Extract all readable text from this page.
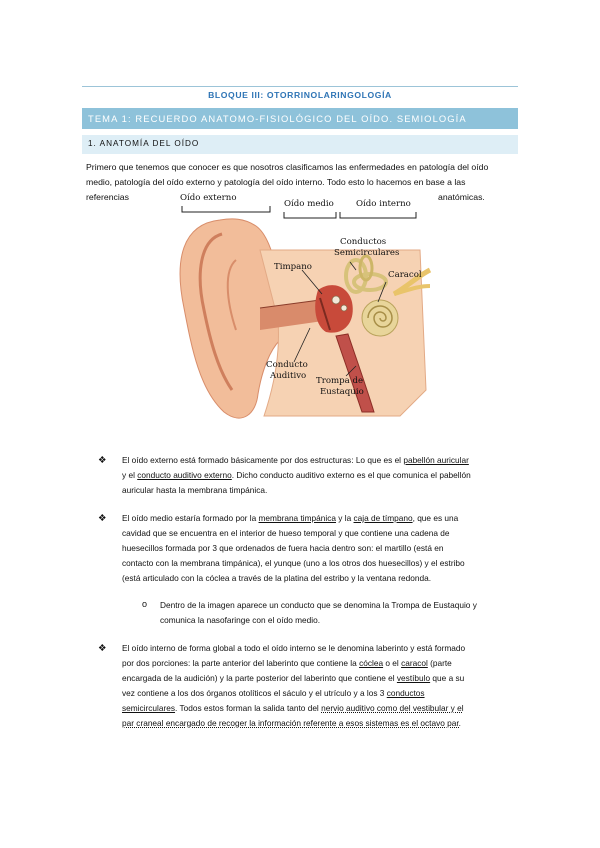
BLOQUE III: OTORRINOLARINGOLOGÍA
TEMA 1: RECUERDO ANATOMO-FISIOLÓGICO DEL OÍDO. SEMIOLOGÍA
1. ANATOMÍA DEL OÍDO
Primero que tenemos que conocer es que nosotros clasificamos las enfermedades en patología del oído
medio, patología del oído externo y patología del oído interno. Todo esto lo hacemos en base a las
referencias	anatómicas.
Oído externo
Oído medio	Oído interno
Conductos
Semicirculares
Timpano
Caracol
Conducto
Auditivo Trompa de
Eustaquio
❖ El oído externo está formado básicamente por dos estructuras: Lo que es el pabellón auricular
y el conducto auditivo externo. Dicho conducto auditivo externo es el que comunica el pabellón
auricular hasta la membrana timpánica.
❖ El oído medio estaría formado por la membrana timpánica y la caja de tímpano, que es una
cavidad que se encuentra en el interior de hueso temporal y que contiene una cadena de
huesecillos formada por 3 que ordenados de fuera hacia dentro son: el martillo (está en
contacto con la membrana timpánica), el yunque (uno a los otros dos huesecillos) y el estribo
(está articulado con la cóclea a través de la platina del estribo y la ventana redonda.
o Dentro de la imagen aparece un conducto que se denomina la Trompa de Eustaquio y
comunica la nasofaringe con el oído medio.
❖ El oído interno de forma global a todo el oído interno se le denomina laberinto y está formado
por dos porciones: la parte anterior del laberinto que contiene la cóclea o el caracol (parte
encargada de la audición) y la parte posterior del laberinto que contiene el vestíbulo que a su
vez contiene a los dos órganos otolíticos el sáculo y el utrículo y a los 3 conductos
semicirculares. Todos estos forman la salida tanto del nervio auditivo como del vestibular y el
par craneal encargado de recoger la información referente a esos sistemas es el octavo par.
